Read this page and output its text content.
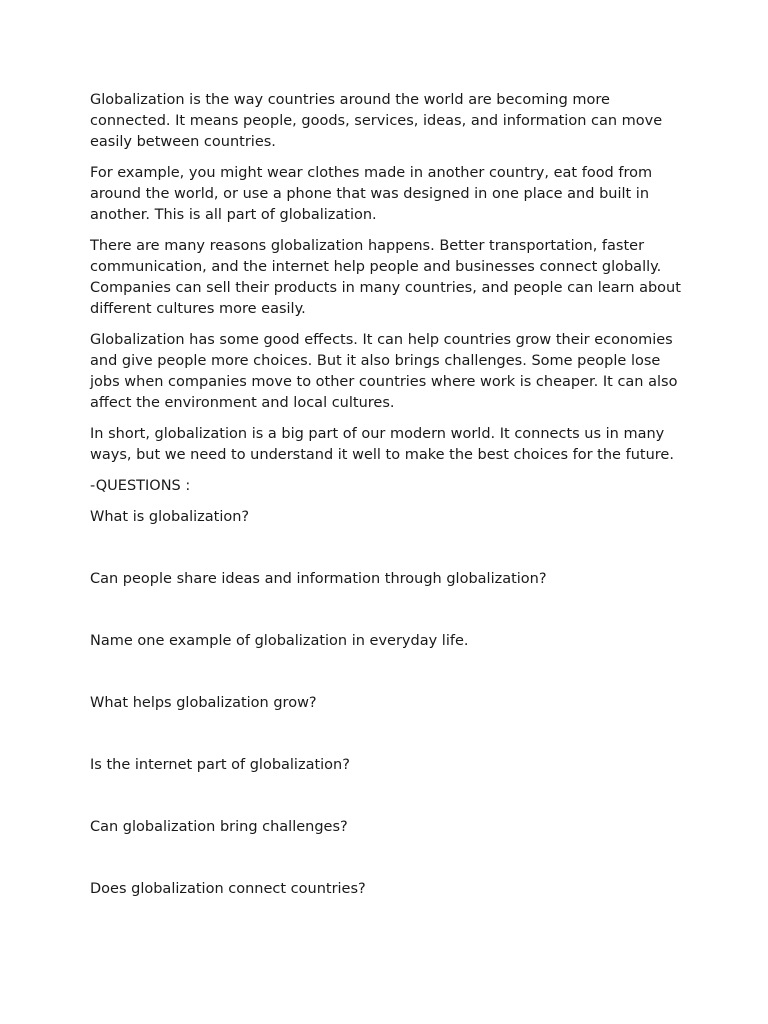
Globalization is the way countries around the world are becoming more connected. It means people, goods, services, ideas, and information can move easily between countries.

For example, you might wear clothes made in another country, eat food from around the world, or use a phone that was designed in one place and built in another. This is all part of globalization.

There are many reasons globalization happens. Better transportation, faster communication, and the internet help people and businesses connect globally. Companies can sell their products in many countries, and people can learn about different cultures more easily.

Globalization has some good effects. It can help countries grow their economies and give people more choices. But it also brings challenges. Some people lose jobs when companies move to other countries where work is cheaper. It can also affect the environment and local cultures.

In short, globalization is a big part of our modern world. It connects us in many ways, but we need to understand it well to make the best choices for the future.

-QUESTIONS :

What is globalization?

Can people share ideas and information through globalization?

Name one example of globalization in everyday life.

What helps globalization grow?

Is the internet part of globalization?

Can globalization bring challenges?

Does globalization connect countries?
